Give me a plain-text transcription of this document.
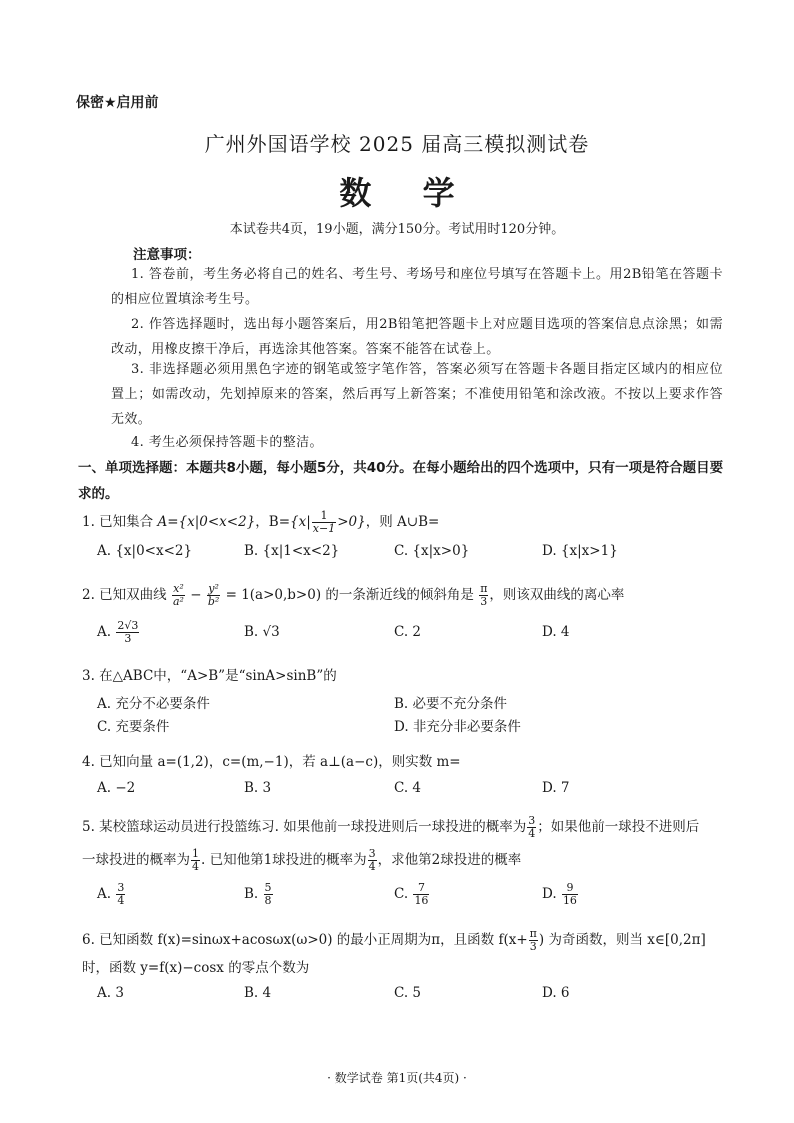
保密★启用前
广州外国语学校 2025 届高三模拟测试卷
数 学
本试卷共4页，19小题，满分150分。考试用时120分钟。
注意事项：
1. 答卷前，考生务必将自己的姓名、考生号、考场号和座位号填写在答题卡上。用2B铅笔在答题卡的相应位置填涂考生号。
2. 作答选择题时，选出每小题答案后，用2B铅笔把答题卡上对应题目选项的答案信息点涂黑；如需改动，用橡皮擦干净后，再选涂其他答案。答案不能答在试卷上。
3. 非选择题必须用黑色字迹的钢笔或签字笔作答，答案必须写在答题卡各题目指定区域内的相应位置上；如需改动，先划掉原来的答案，然后再写上新答案；不准使用铅笔和涂改液。不按以上要求作答无效。
4. 考生必须保持答题卡的整洁。
一、单项选择题：本题共8小题，每小题5分，共40分。在每小题给出的四个选项中，只有一项是符合题目要求的。
1. 已知集合 A={x|0<x<2}，$B=\{x| \frac{1}{x-1} >0\}$，则 A∪B=
A. {x|0<x<2}	B. {x|1<x<2}	C. {x|x>0}	D. {x|x>1}
2. 已知双曲线 $\frac{\text{x²}}{\text{a²}} - \frac{\text{y²}}{\text{b²}} = 1(a>0,b>0)$ 的一条渐近线的倾斜角是 $\frac{\pi}{3}$ ，则该双曲线的离心率
A. $\frac{2√3}{3}$	B. √3	C. 2	D. 4
3. 在△ABC中，“A>B”是“sinA>sinB”的
A. 充分不必要条件	B. 必要不充分条件
C. 充要条件	D. 非充分非必要条件
4. 已知向量 a=(1,2)，c=(m,−1)，若 a⊥(a−c)，则实数 m=
A. −2	B. 3	C. 4	D. 7
5. 某校篮球运动员进行投篮练习. 如果他前一球投进则后一球投进的概率为 $\frac{3}{4}$ ；如果他前一球投不进则后
一球投进的概率为 $\frac{1}{4}$ . 已知他第1球投进的概率为 $\frac{3}{4}$ ，求他第2球投进的概率
A. $\frac{3}{4}$	B. $\frac{5}{8}$	C. $\frac{7}{16}$	D. $\frac{9}{16}$
6. 已知函数 f(x)=sinωx+acosωx(ω>0) 的最小正周期为π，且函数 $f(x+ \frac{\pi}{3}$ ) 为奇函数，则当 x∈[0,2π]
时，函数 y=f(x)−cosx 的零点个数为
A. 3	B. 4	C. 5	D. 6
· 数学试卷 第1页(共4页) ·
